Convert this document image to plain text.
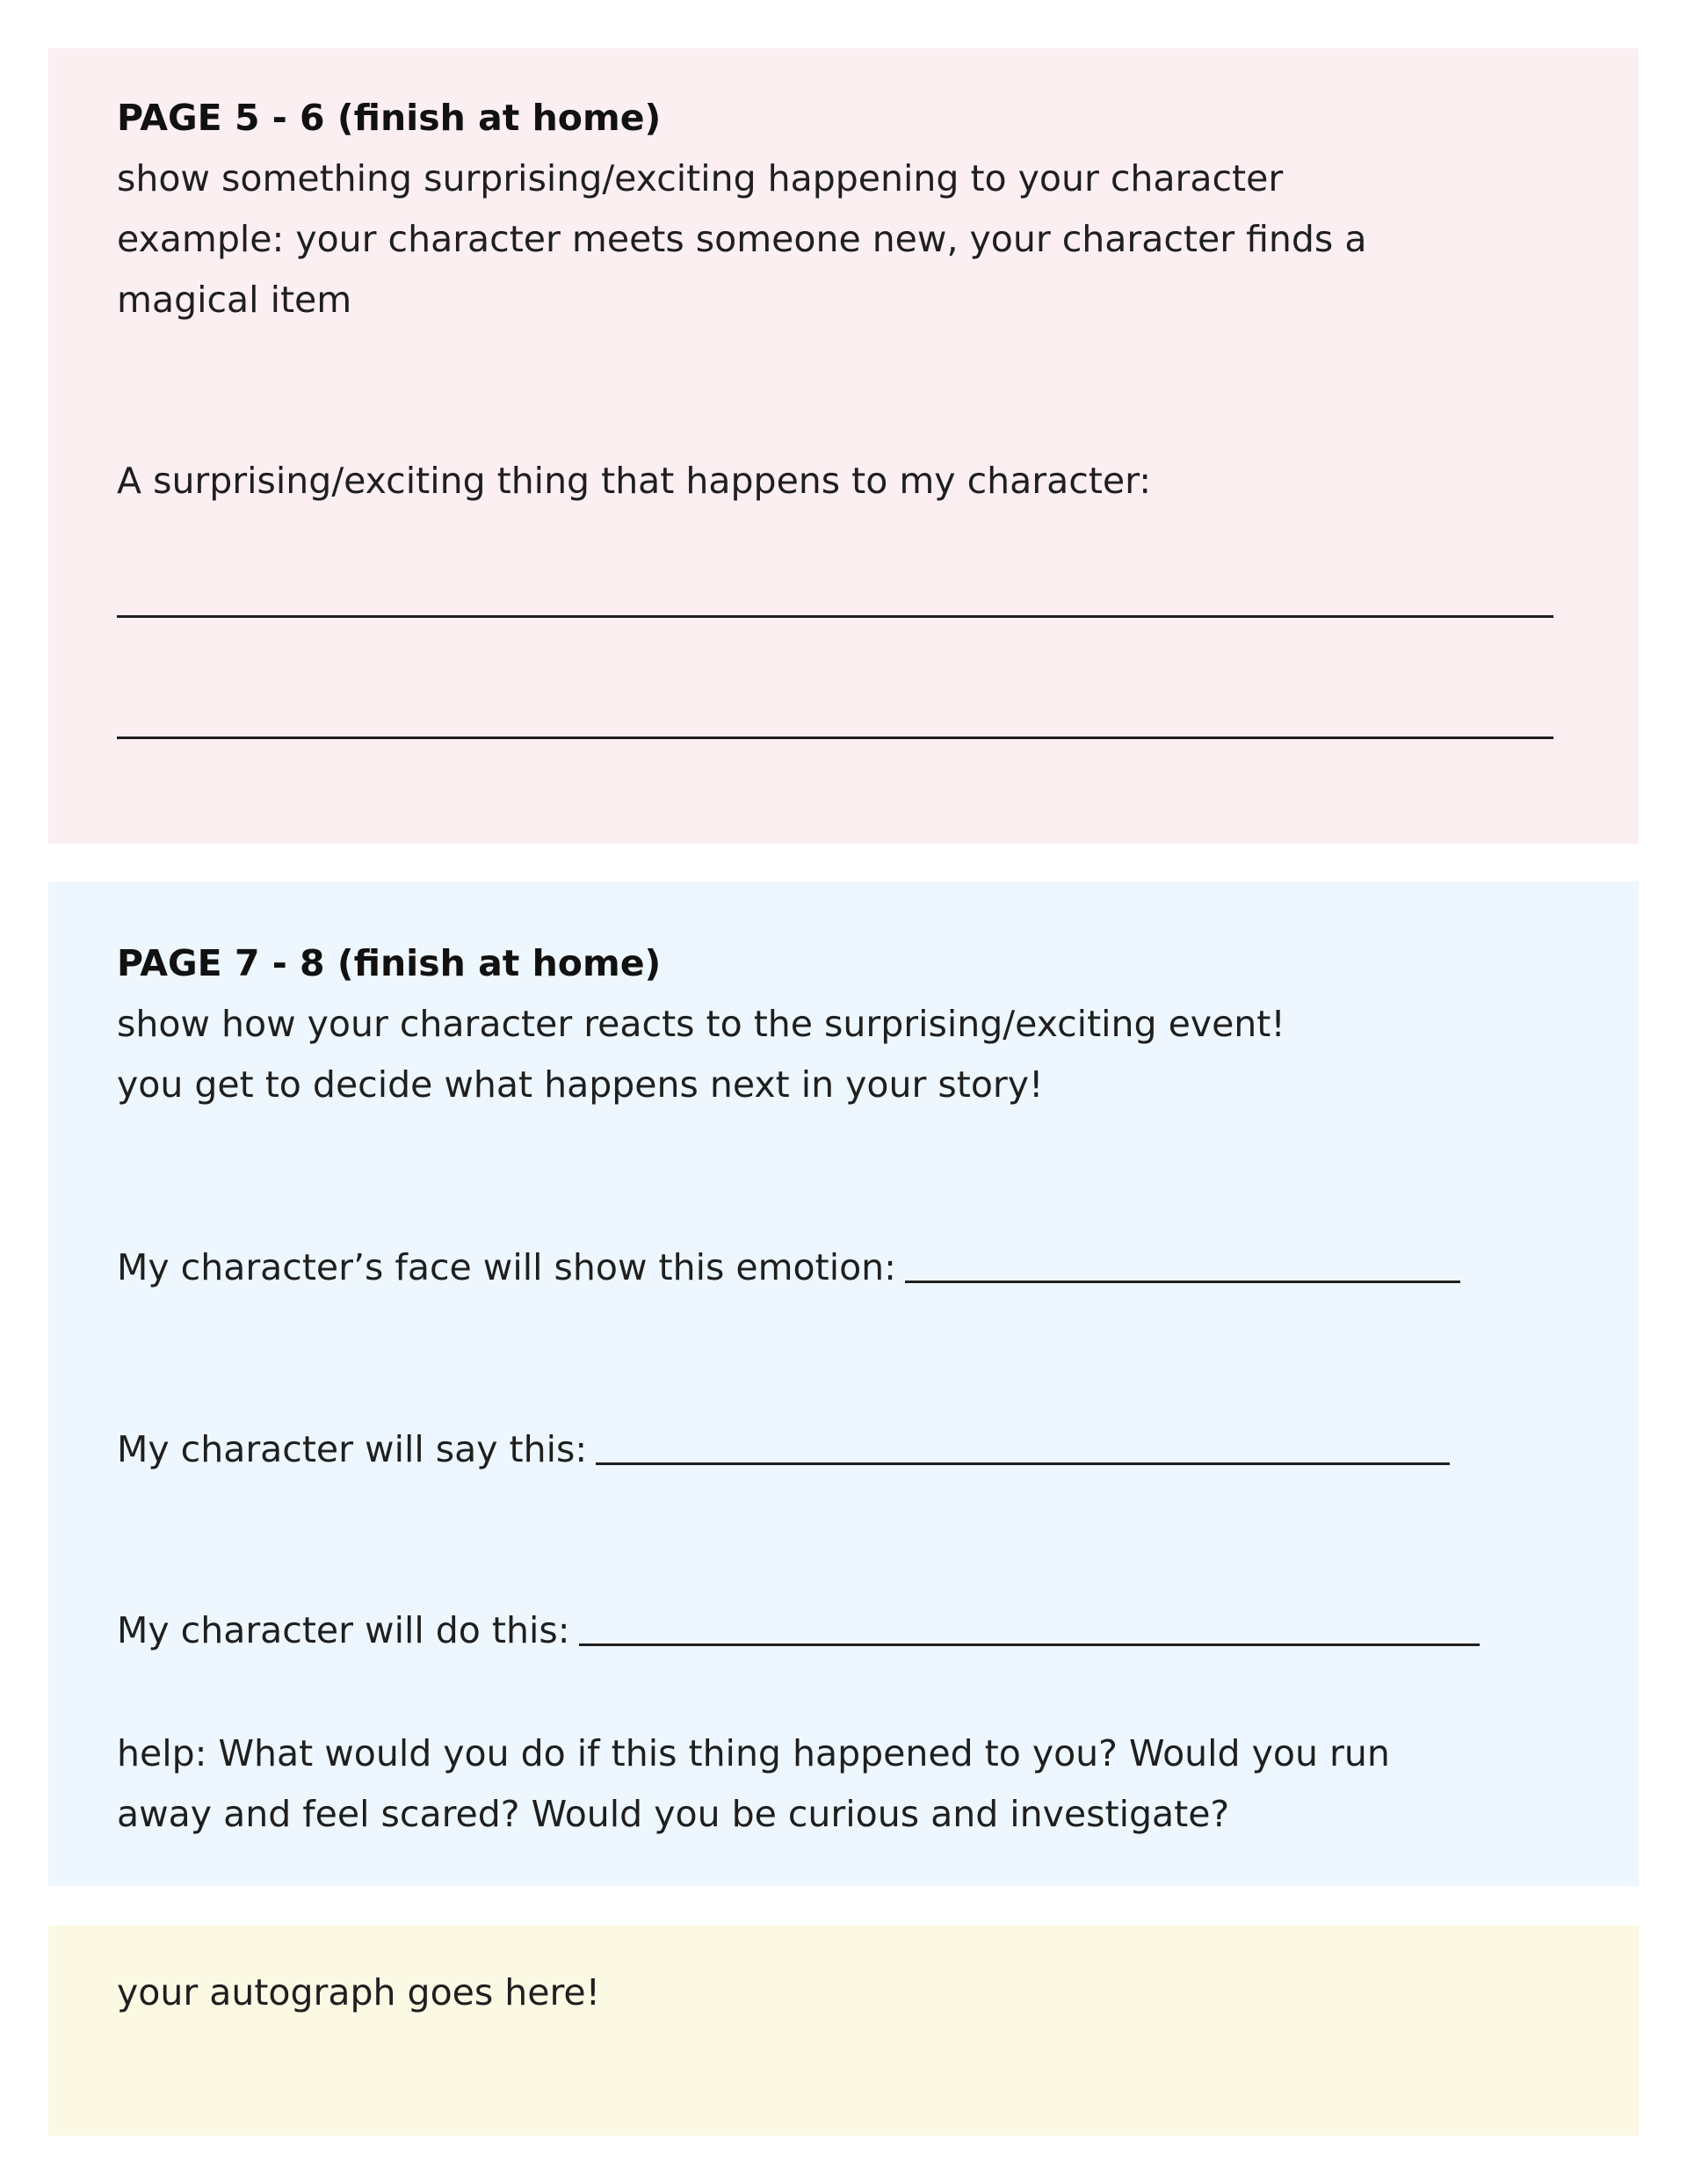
PAGE 5 - 6 (finish at home)
show something surprising/exciting happening to your character
example: your character meets someone new, your character finds a
magical item
A surprising/exciting thing that happens to my character:
PAGE 7 - 8 (finish at home)
show how your character reacts to the surprising/exciting event!
you get to decide what happens next in your story!
My character’s face will show this emotion:
My character will say this:
My character will do this:
help: What would you do if this thing happened to you? Would you run
away and feel scared? Would you be curious and investigate?
your autograph goes here!
